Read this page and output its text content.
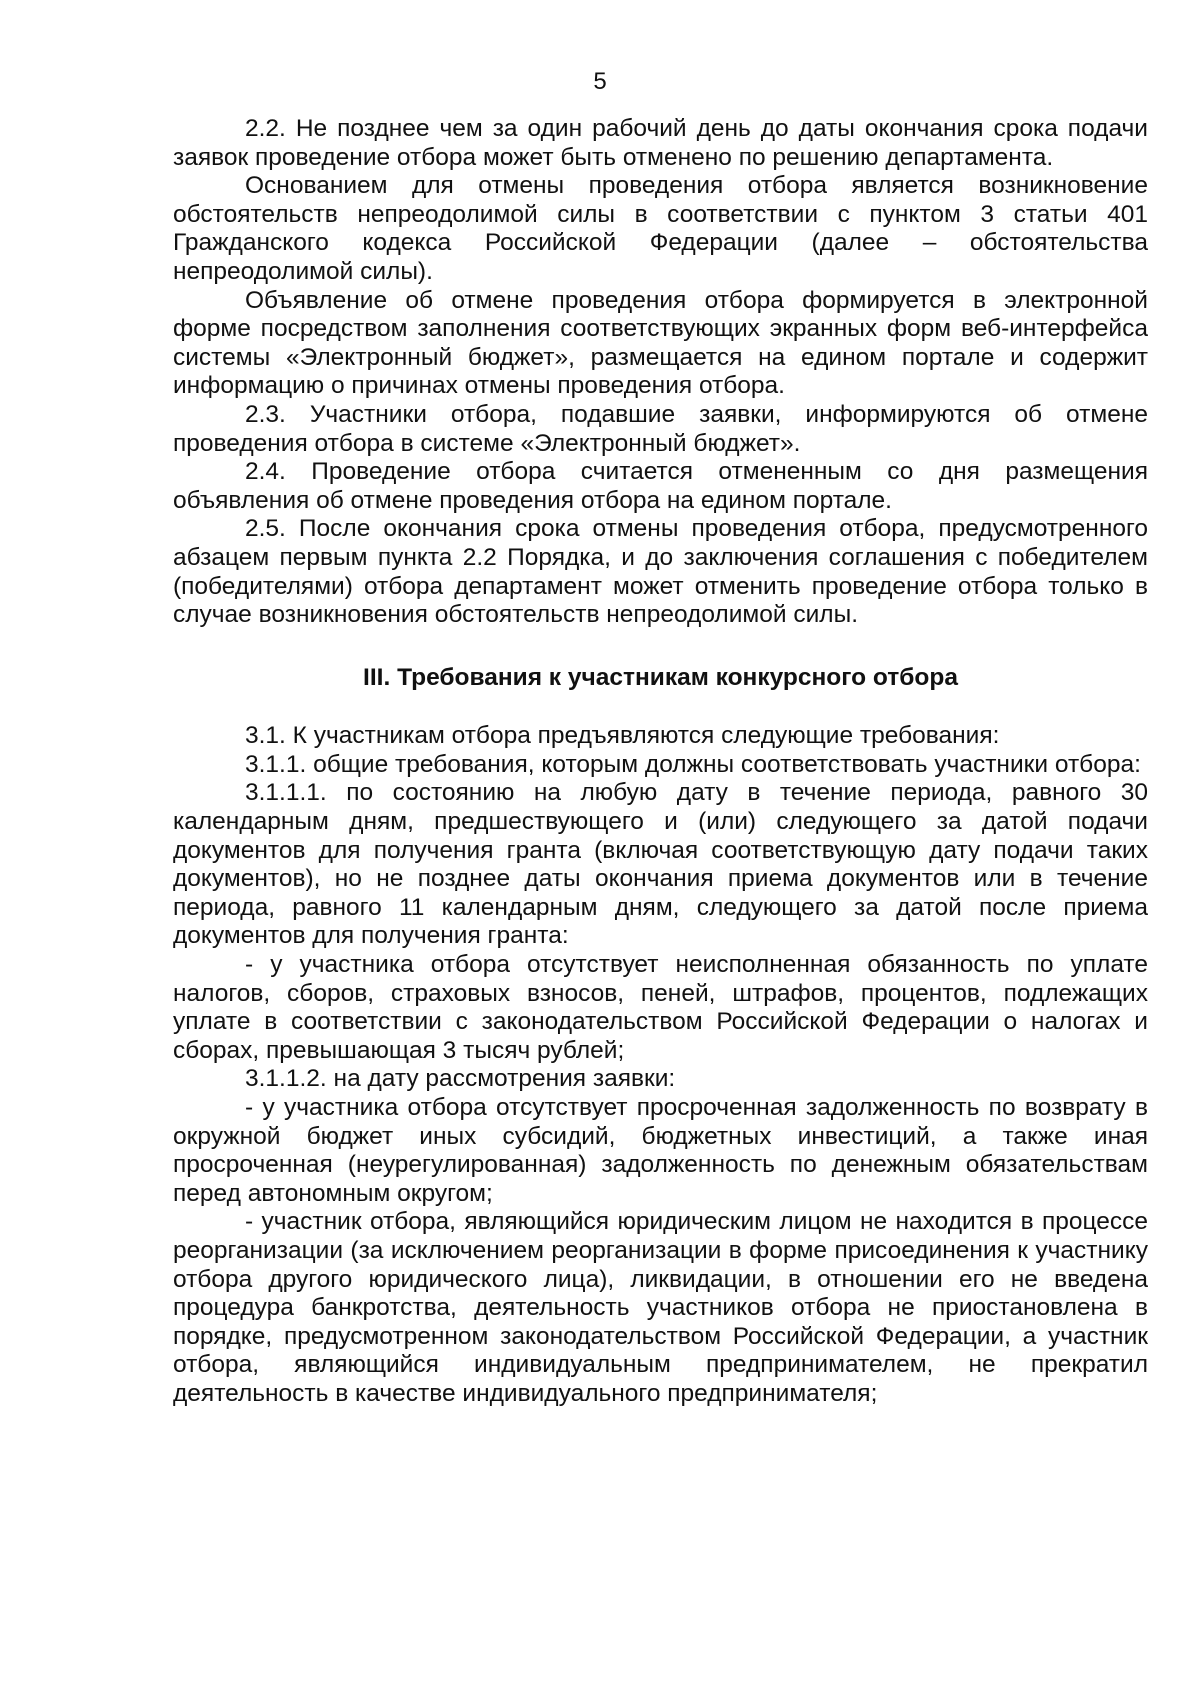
5

2.2. Не позднее чем за один рабочий день до даты окончания срока подачи заявок проведение отбора может быть отменено по решению департамента.

Основанием для отмены проведения отбора является возникновение обстоятельств непреодолимой силы в соответствии с пунктом 3 статьи 401 Гражданского кодекса Российской Федерации (далее – обстоятельства непреодолимой силы).

Объявление об отмене проведения отбора формируется в электронной форме посредством заполнения соответствующих экранных форм веб-интерфейса системы «Электронный бюджет», размещается на едином портале и содержит информацию о причинах отмены проведения отбора.

2.3. Участники отбора, подавшие заявки, информируются об отмене проведения отбора в системе «Электронный бюджет».

2.4. Проведение отбора считается отмененным со дня размещения объявления об отмене проведения отбора на едином портале.

2.5. После окончания срока отмены проведения отбора, предусмотренного абзацем первым пункта 2.2 Порядка, и до заключения соглашения с победителем (победителями) отбора департамент может отменить проведение отбора только в случае возникновения обстоятельств непреодолимой силы.

III. Требования к участникам конкурсного отбора

3.1. К участникам отбора предъявляются следующие требования:

3.1.1. общие требования, которым должны соответствовать участники отбора:

3.1.1.1. по состоянию на любую дату в течение периода, равного 30 календарным дням, предшествующего и (или) следующего за датой подачи документов для получения гранта (включая соответствующую дату подачи таких документов), но не позднее даты окончания приема документов или в течение периода, равного 11 календарным дням, следующего за датой после приема документов для получения гранта:

- у участника отбора отсутствует неисполненная обязанность по уплате налогов, сборов, страховых взносов, пеней, штрафов, процентов, подлежащих уплате в соответствии с законодательством Российской Федерации о налогах и сборах, превышающая 3 тысяч рублей;

3.1.1.2. на дату рассмотрения заявки:

- у участника отбора отсутствует просроченная задолженность по возврату в окружной бюджет иных субсидий, бюджетных инвестиций, а также иная просроченная (неурегулированная) задолженность по денежным обязательствам перед автономным округом;

- участник отбора, являющийся юридическим лицом не находится в процессе реорганизации (за исключением реорганизации в форме присоединения к участнику отбора другого юридического лица), ликвидации, в отношении его не введена процедура банкротства, деятельность участников отбора не приостановлена в порядке, предусмотренном законодательством Российской Федерации, а участник отбора, являющийся индивидуальным предпринимателем, не прекратил деятельность в качестве индивидуального предпринимателя;
